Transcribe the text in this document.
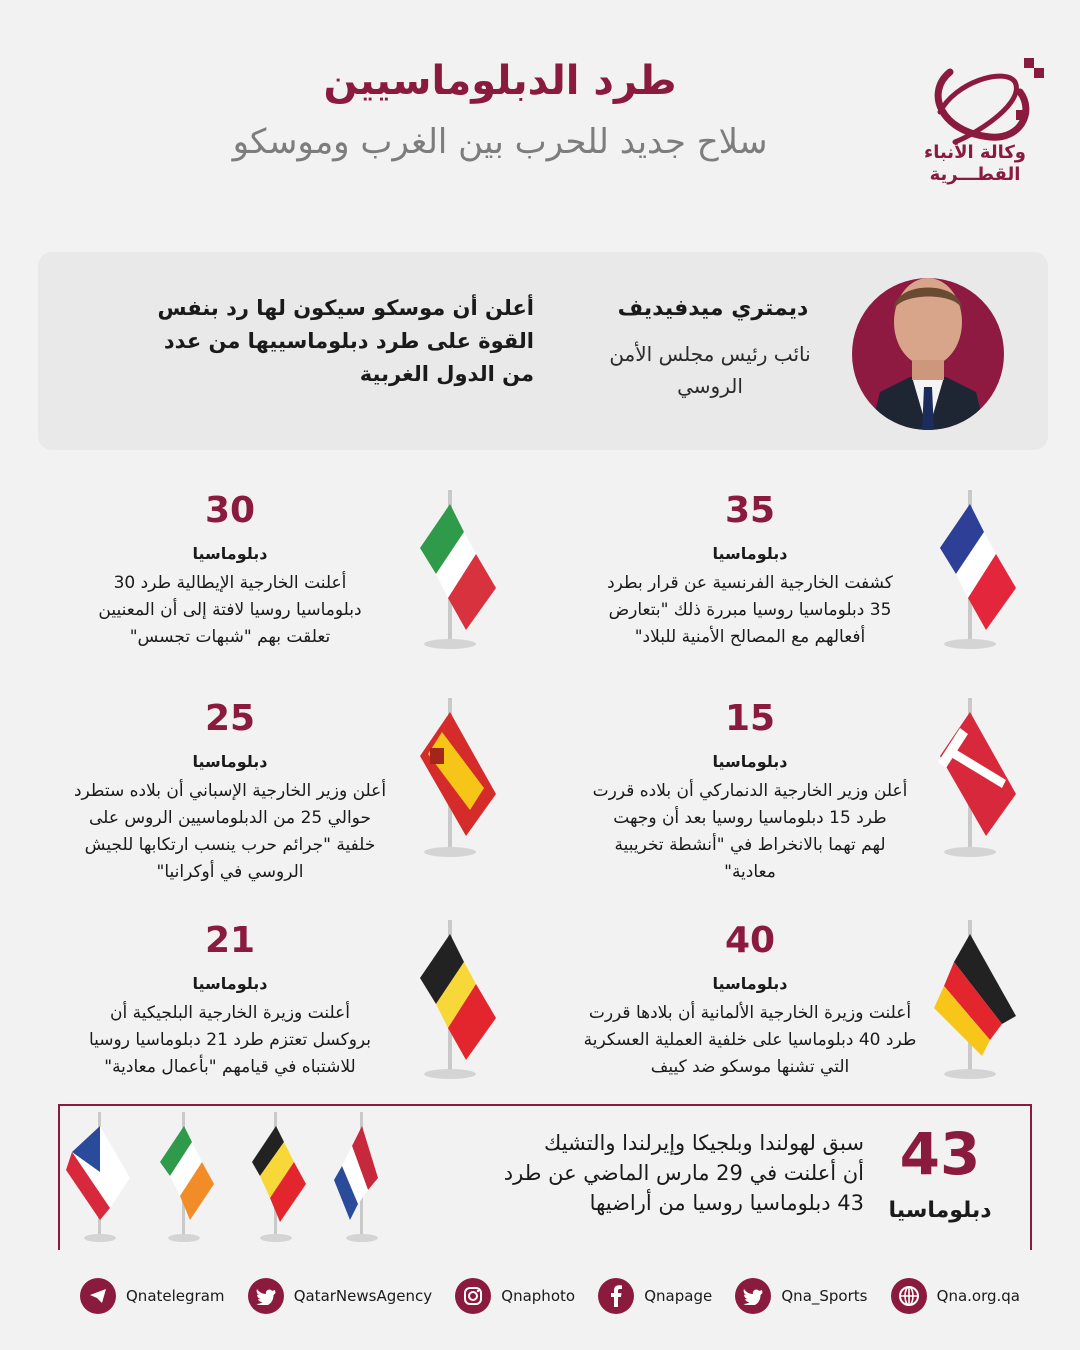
طرد الدبلوماسيين
سلاح جديد للحرب بين الغرب وموسكو	وكالة الأنباء
القطـــرية
ديمتري ميدفيديف
نائب رئيس مجلس الأمن
الروسي
أعلن أن موسكو سيكون لها رد بنفس
القوة على طرد دبلوماسييها من عدد
من الدول الغربية
35
دبلوماسيا
كشفت الخارجية الفرنسية عن قرار بطرد
35 دبلوماسيا روسيا مبررة ذلك "بتعارض
أفعالهم مع المصالح الأمنية للبلاد"
30
دبلوماسيا
أعلنت الخارجية الإيطالية طرد 30
دبلوماسيا روسيا لافتة إلى أن المعنيين
تعلقت بهم "شبهات تجسس"
15
دبلوماسيا
أعلن وزير الخارجية الدنماركي أن بلاده قررت
طرد 15 دبلوماسيا روسيا بعد أن وجهت
لهم تهما بالانخراط في "أنشطة تخريبية
معادية"
25
دبلوماسيا
أعلن وزير الخارجية الإسباني أن بلاده ستطرد
حوالي 25 من الدبلوماسيين الروس على
خلفية "جرائم حرب ينسب ارتكابها للجيش
الروسي في أوكرانيا"
40
دبلوماسيا
أعلنت وزيرة الخارجية الألمانية أن بلادها قررت
طرد 40 دبلوماسيا على خلفية العملية العسكرية
التي تشنها موسكو ضد كييف
21
دبلوماسيا
أعلنت وزيرة الخارجية البلجيكية أن
بروكسل تعتزم طرد 21 دبلوماسيا روسيا
للاشتباه في قيامهم "بأعمال معادية"
سبق لهولندا وبلجيكا وإيرلندا والتشيك
أن أعلنت في 29 مارس الماضي عن طرد
43 دبلوماسيا روسيا من أراضيها
43
دبلوماسيا
Qnatelegram	QatarNewsAgency	Qnaphoto	Qnapage	Qna_Sports	Qna.org.qa
